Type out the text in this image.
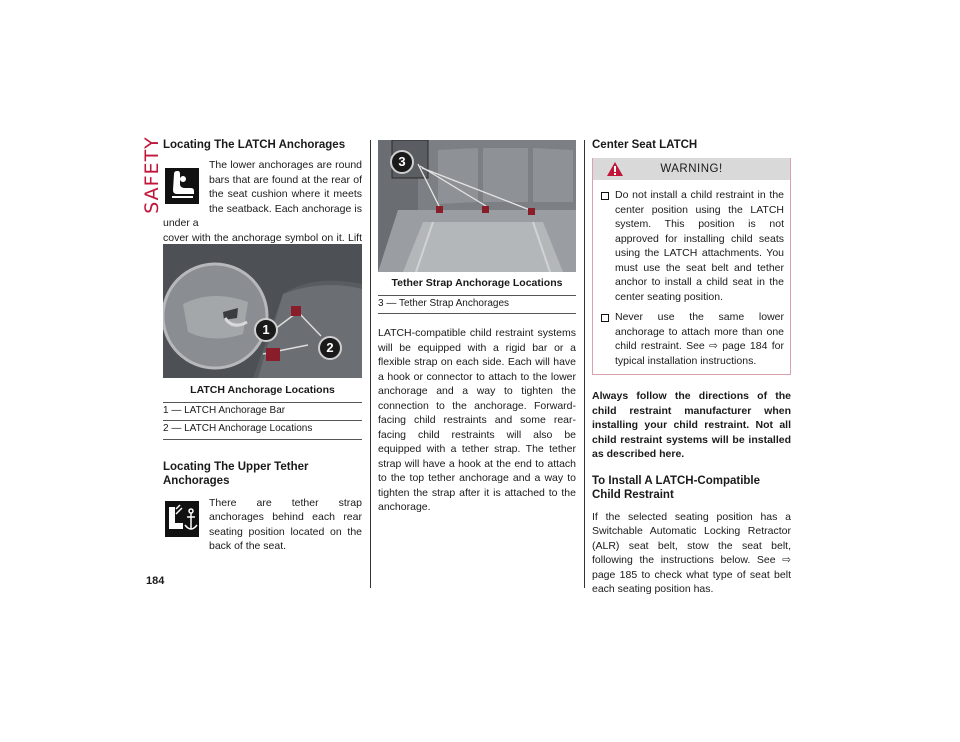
SAFETY Locating The LATCH Anchorages

The lower anchorages are round bars that are found at the rear of the seat cushion where it meets the seatback. Each anchorage is under a

cover with the anchorage symbol on it. Lift

1
2
LATCH Anchorage Locations
1 — LATCH Anchorage Bar
2 — LATCH Anchorage Locations
Locating The Upper Tether Anchorages

There are tether strap anchorages behind each rear seating position located on the back of the seat.

3
Tether Strap Anchorage Locations
3 — Tether Strap Anchorages

LATCH-compatible child restraint systems will be equipped with a rigid bar or a flexible strap on each side. Each will have a hook or connector to attach to the lower anchorage and a way to tighten the connection to the anchorage. Forward-facing child restraints and some rear-facing child restraints will also be equipped with a tether strap. The tether strap will have a hook at the end to attach to the top tether anchorage and a way to tighten the strap after it is attached to the anchorage.

Center Seat LATCH
WARNING!
Do not install a child restraint in the center position using the LATCH system. This position is not approved for installing child seats using the LATCH attachments. You must use the seat belt and tether anchor to install a child seat in the center seating position.
Never use the same lower anchorage to attach more than one child restraint. See ⇨ page 184 for typical installation instructions.

Always follow the directions of the child restraint manufacturer when installing your child restraint. Not all child restraint systems will be installed as described here.

To Install A LATCH-Compatible Child Restraint

If the selected seating position has a Switchable Automatic Locking Retractor (ALR) seat belt, stow the seat belt, following the instructions below. See ⇨ page 185 to check what type of seat belt each seating position has.

184
